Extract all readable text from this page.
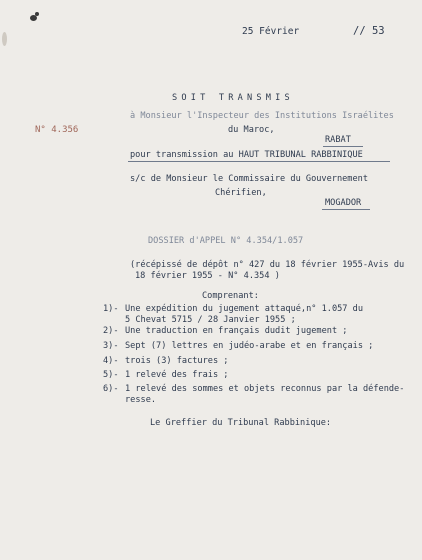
25 Février	// 53
N° 4.356
SOIT TRANSMIS
à Monsieur l'Inspecteur des Institutions Israélites
du Maroc,
RABAT
pour transmission au HAUT TRIBUNAL RABBINIQUE
s/c de Monsieur le Commissaire du Gouvernement
Chérifien,
MOGADOR
DOSSIER d'APPEL N° 4.354/1.057
(récépissé de dépôt n° 427 du 18 février 1955-Avis du
18 février 1955 - N° 4.354 )
Comprenant:
1)- Une expédition du jugement attaqué,n° 1.057 du
5 Chevat 5715 / 28 Janvier 1955 ;
2)- Une traduction en français dudit jugement ;
3)- Sept (7) lettres en judéo-arabe et en français ;
4)- trois (3) factures ;
5)- 1 relevé des frais ;
6)- 1 relevé des sommes et objets reconnus par la défende-
resse.
Le Greffier du Tribunal Rabbinique:
